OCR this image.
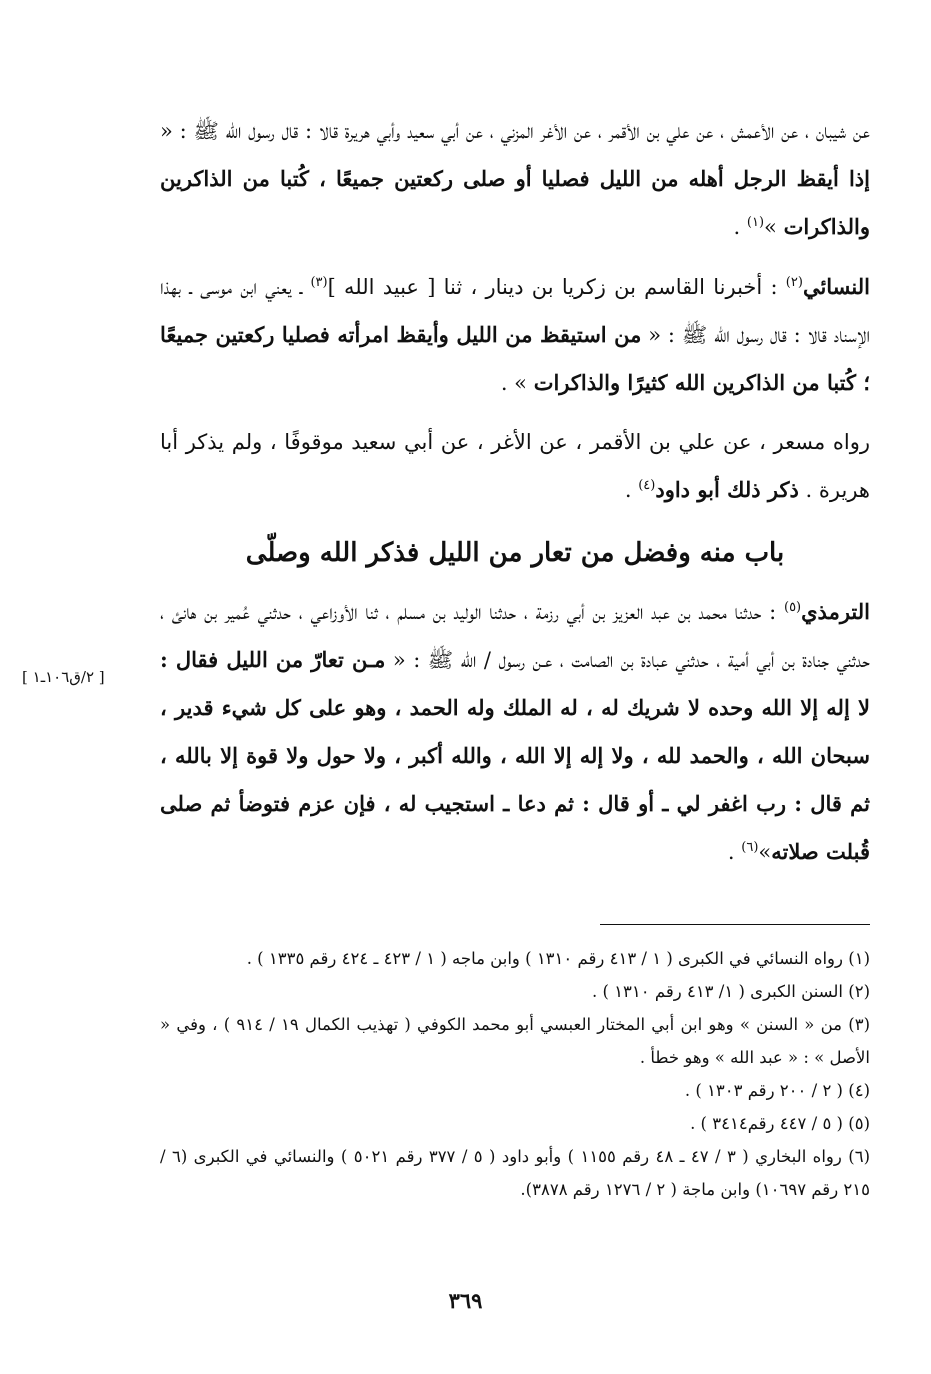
عن شيبان ، عن الأعمش ، عن علي بن الأقمر ، عن الأغر المزني ، عن أبي سعيد وأبي هريرة قالا : قال رسول الله ﷺ : « إذا أيقظ الرجل أهله من الليل فصليا أو صلى ركعتين جميعًا ، كُتبا من الذاكرين والذاكرات »$^{(١)}$ .

النسائي$^{(٢)}$ : أخبرنا القاسم بن زكريا بن دينار ، ثنا [ عبيد الله ]$^{(٣)}$ ـ يعني ابن موسى ـ بهذا الإسناد قالا : قال رسول الله ﷺ : « من استيقظ من الليل وأيقظ امرأته فصليا ركعتين جميعًا ؛ كُتبا من الذاكرين الله كثيرًا والذاكرات » .

رواه مسعر ، عن علي بن الأقمر ، عن الأغر ، عن أبي سعيد موقوفًا ، ولم يذكر أبا هريرة . ذكر ذلك أبو داود$^{(٤)}$ .

باب منه وفضل من تعار من الليل فذكر الله وصلّى

الترمذي$^{(٥)}$ : حدثنا محمد بن عبد العزيز بن أبي رزمة ، حدثنا الوليد بن مسلم ، ثنا الأوزاعي ، حدثني عُمير بن هانئ ، حدثني جنادة بن أبي أمية ، حدثني عبادة بن الصامت ، عـن رسول / الله ﷺ : « مـن تعارّ من الليل فقال : لا إله إلا الله وحده لا شريك له ، له الملك وله الحمد ، وهو على كل شيء قدير ، سبحان الله ، والحمد لله ، ولا إله إلا الله ، والله أكبر ، ولا حول ولا قوة إلا بالله ، ثم قال : رب اغفر لي ـ أو قال : ثم دعا ـ استجيب له ، فإن عزم فتوضأ ثم صلى قُبلت صلاته»$^{(٦)}$ .

[ ٢/ق١٠٦ـ١ ]

(١) رواه النسائي في الكبرى ( ١ / ٤١٣ رقم ١٣١٠ ) وابن ماجه ( ١ / ٤٢٣ ـ ٤٢٤ رقم ١٣٣٥ ) .

(٢) السنن الكبرى ( ١/ ٤١٣ رقم ١٣١٠ ) .

(٣) من « السنن » وهو ابن أبي المختار العبسي أبو محمد الكوفي ( تهذيب الكمال ١٩ / ٩١٤ ) ، وفي « الأصل » : « عبد الله » وهو خطأ .

(٤) ( ٢ / ٢٠٠ رقم ١٣٠٣ ) .

(٥) ( ٥ / ٤٤٧ رقم٣٤١٤ ) .

(٦) رواه البخاري ( ٣ / ٤٧ ـ ٤٨ رقم ١١٥٥ ) وأبو داود ( ٥ / ٣٧٧ رقم ٥٠٢١ ) والنسائي في الكبرى (٦ / ٢١٥ رقم ١٠٦٩٧) وابن ماجة ( ٢ / ١٢٧٦ رقم ٣٨٧٨).

٣٦٩
